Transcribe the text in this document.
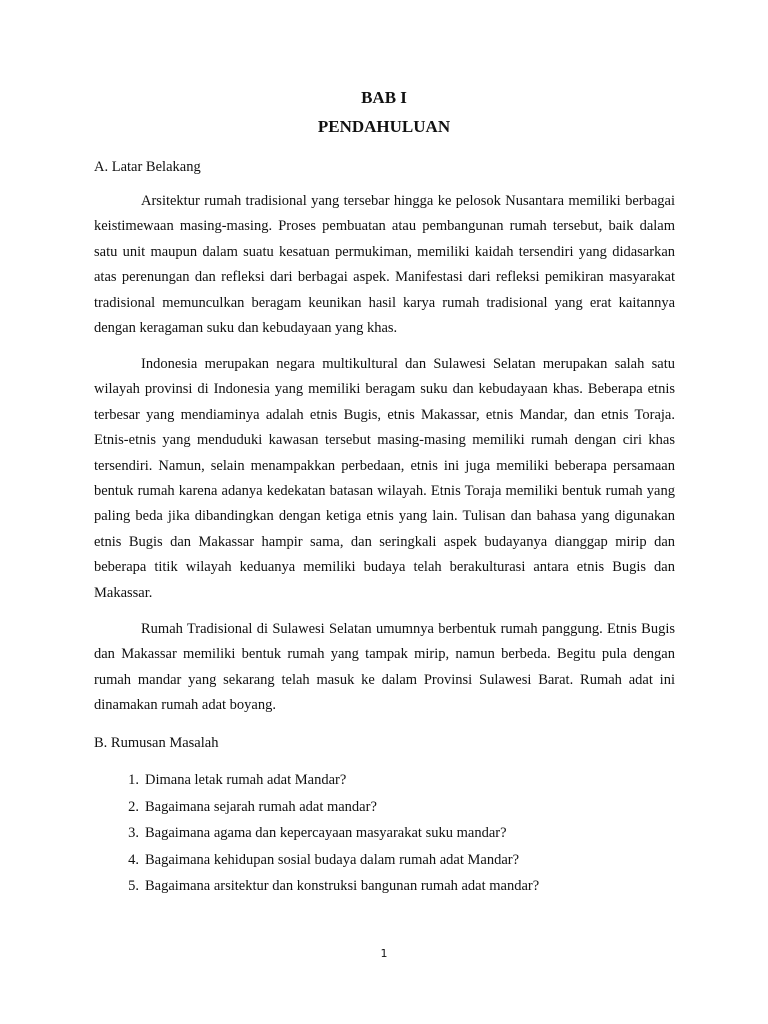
BAB I
PENDAHULUAN

A. Latar Belakang

Arsitektur rumah tradisional yang tersebar hingga ke pelosok Nusantara memiliki berbagai keistimewaan masing-masing. Proses pembuatan atau pembangunan rumah tersebut, baik dalam satu unit maupun dalam suatu kesatuan permukiman, memiliki kaidah tersendiri yang didasarkan atas perenungan dan refleksi dari berbagai aspek. Manifestasi dari refleksi pemikiran masyarakat tradisional memunculkan beragam keunikan hasil karya rumah tradisional yang erat kaitannya dengan keragaman suku dan kebudayaan yang khas.

Indonesia merupakan negara multikultural dan Sulawesi Selatan merupakan salah satu wilayah provinsi di Indonesia yang memiliki beragam suku dan kebudayaan khas. Beberapa etnis terbesar yang mendiaminya adalah etnis Bugis, etnis Makassar, etnis Mandar, dan etnis Toraja. Etnis-etnis yang menduduki kawasan tersebut masing-masing memiliki rumah dengan ciri khas tersendiri. Namun, selain menampakkan perbedaan, etnis ini juga memiliki beberapa persamaan bentuk rumah karena adanya kedekatan batasan wilayah. Etnis Toraja memiliki bentuk rumah yang paling beda jika dibandingkan dengan ketiga etnis yang lain. Tulisan dan bahasa yang digunakan etnis Bugis dan Makassar hampir sama, dan seringkali aspek budayanya dianggap mirip dan beberapa titik wilayah keduanya memiliki budaya telah berakulturasi antara etnis Bugis dan Makassar.

Rumah Tradisional di Sulawesi Selatan umumnya berbentuk rumah panggung. Etnis Bugis dan Makassar memiliki bentuk rumah yang tampak mirip, namun berbeda. Begitu pula dengan rumah mandar yang sekarang telah masuk ke dalam Provinsi Sulawesi Barat. Rumah adat ini dinamakan rumah adat boyang.

B. Rumusan Masalah

1. Dimana letak rumah adat Mandar?
2. Bagaimana sejarah rumah adat mandar?
3. Bagaimana agama dan kepercayaan masyarakat suku mandar?
4. Bagaimana kehidupan sosial budaya dalam rumah adat Mandar?
5. Bagaimana arsitektur dan konstruksi bangunan rumah adat mandar?
1
